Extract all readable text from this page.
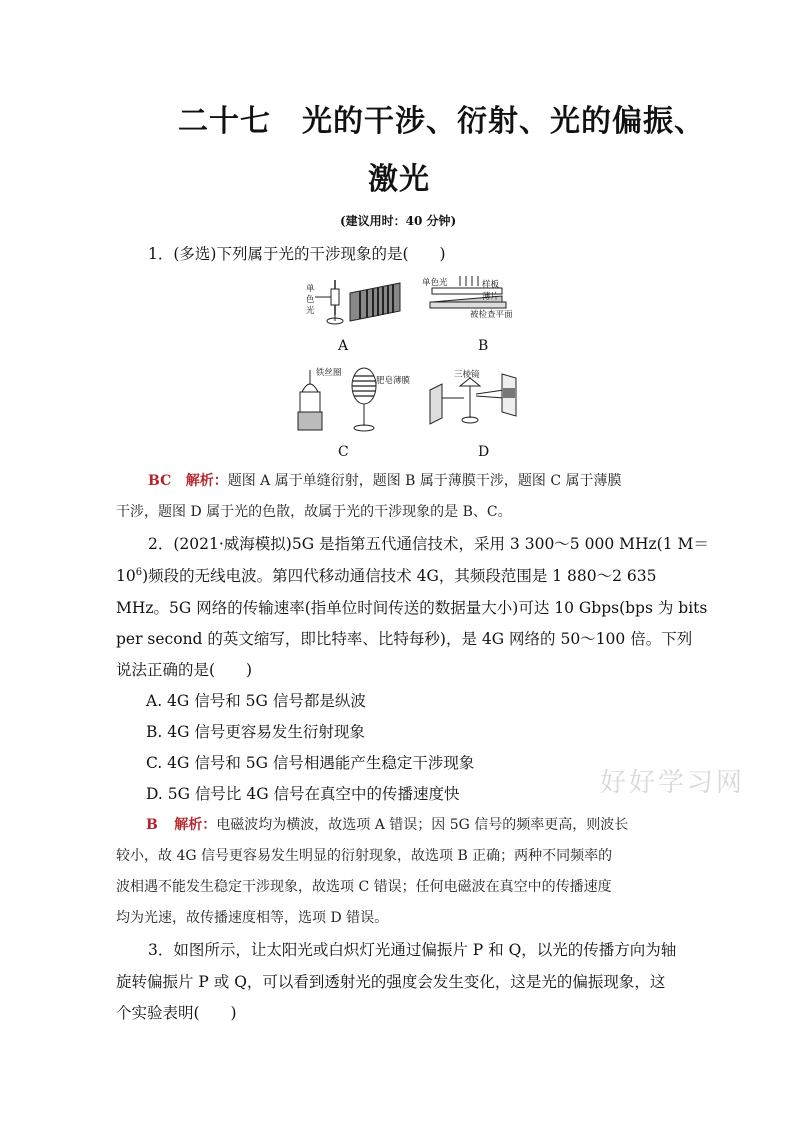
二十七　光的干涉、衍射、光的偏振、
激光
(建议用时：40 分钟)
1．(多选)下列属于光的干涉现象的是(　　)
单
色
光
A
单色光	样板
薄片
被检查平面
B
铁丝圈
肥皂薄膜
C
三棱镜
D
BC 解析：题图 A 属于单缝衍射，题图 B 属于薄膜干涉，题图 C 属于薄膜
干涉，题图 D 属于光的色散，故属于光的干涉现象的是 B、C。
2．(2021·威海模拟)5G 是指第五代通信技术，采用 3 300～5 000 MHz(1 M＝
$10^6$)频段的无线电波。第四代移动通信技术 4G，其频段范围是 1 880～2 635
MHz。5G 网络的传输速率(指单位时间传送的数据量大小)可达 10 Gbps(bps 为 bits
per second 的英文缩写，即比特率、比特每秒)，是 4G 网络的 50～100 倍。下列
说法正确的是(　　)
A. 4G 信号和 5G 信号都是纵波
B. 4G 信号更容易发生衍射现象
C. 4G 信号和 5G 信号相遇能产生稳定干涉现象
D. 5G 信号比 4G 信号在真空中的传播速度快	好好学习网
B 解析：电磁波均为横波，故选项 A 错误；因 5G 信号的频率更高，则波长
较小，故 4G 信号更容易发生明显的衍射现象，故选项 B 正确；两种不同频率的
波相遇不能发生稳定干涉现象，故选项 C 错误；任何电磁波在真空中的传播速度
均为光速，故传播速度相等，选项 D 错误。
3．如图所示，让太阳光或白炽灯光通过偏振片 P 和 Q，以光的传播方向为轴
旋转偏振片 P 或 Q，可以看到透射光的强度会发生变化，这是光的偏振现象，这
个实验表明(　　)
